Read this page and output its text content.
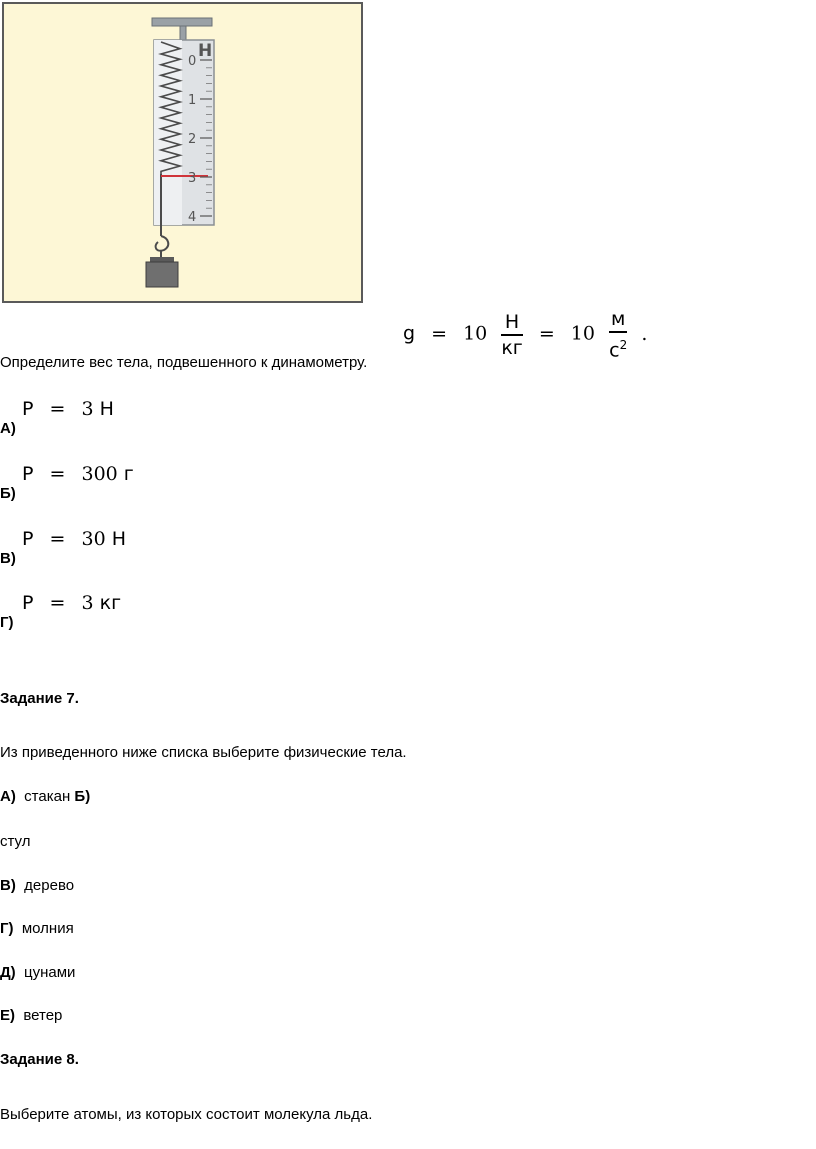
0
1
2
3
4
Н
$g = 10 \frac{Н}{кг} = 10 \frac{м}{с^2}$ .
Определите вес тела, подвешенного к динамометру.
А)
P = 3 Н
Б)
P = 300 г
В)
P = 30 Н
Г)
P = 3 кг
Задание 7.
Из приведенного ниже списка выберите физические тела.
А) стакан Б)
стул
В) дерево
Г) молния
Д) цунами
Е) ветер
Задание 8.
Выберите атомы, из которых состоит молекула льда.
